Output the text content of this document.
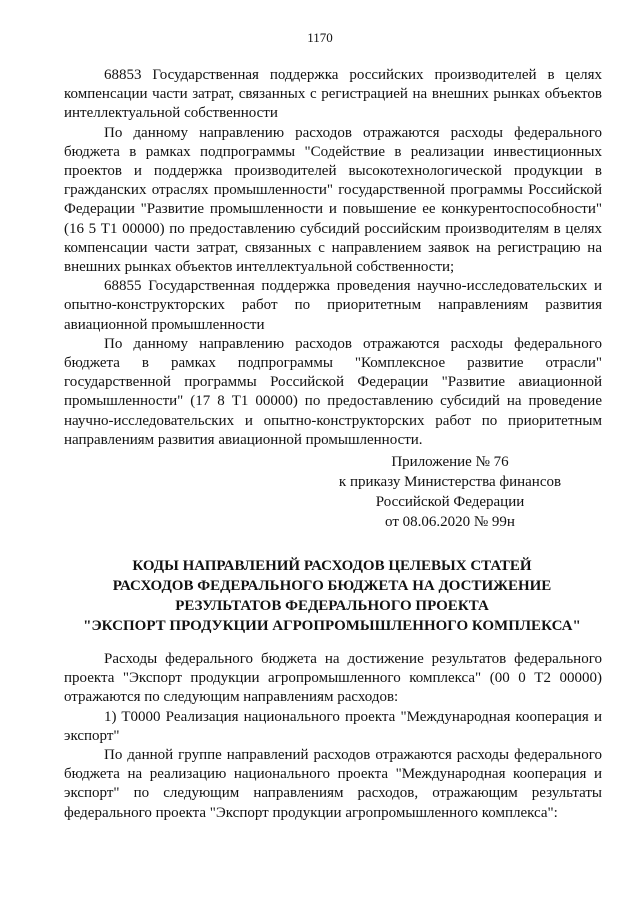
1170

68853 Государственная поддержка российских производителей в целях компенсации части затрат, связанных с регистрацией на внешних рынках объектов интеллектуальной собственности

По данному направлению расходов отражаются расходы федерального бюджета в рамках подпрограммы "Содействие в реализации инвестиционных проектов и поддержка производителей высокотехнологической продукции в гражданских отраслях промышленности" государственной программы Российской Федерации "Развитие промышленности и повышение ее конкурентоспособности" (16 5 T1 00000) по предоставлению субсидий российским производителям в целях компенсации части затрат, связанных с направлением заявок на регистрацию на внешних рынках объектов интеллектуальной собственности;

68855 Государственная поддержка проведения научно-исследовательских и опытно-конструкторских работ по приоритетным направлениям развития авиационной промышленности

По данному направлению расходов отражаются расходы федерального бюджета в рамках подпрограммы "Комплексное развитие отрасли" государственной программы Российской Федерации "Развитие авиационной промышленности" (17 8 T1 00000) по предоставлению субсидий на проведение научно-исследовательских и опытно-конструкторских работ по приоритетным направлениям развития авиационной промышленности.

Приложение № 76
к приказу Министерства финансов
Российской Федерации
от 08.06.2020 № 99н
КОДЫ НАПРАВЛЕНИЙ РАСХОДОВ ЦЕЛЕВЫХ СТАТЕЙ
РАСХОДОВ ФЕДЕРАЛЬНОГО БЮДЖЕТА НА ДОСТИЖЕНИЕ
РЕЗУЛЬТАТОВ ФЕДЕРАЛЬНОГО ПРОЕКТА
"ЭКСПОРТ ПРОДУКЦИИ АГРОПРОМЫШЛЕННОГО КОМПЛЕКСА"

Расходы федерального бюджета на достижение результатов федерального проекта "Экспорт продукции агропромышленного комплекса" (00 0 T2 00000) отражаются по следующим направлениям расходов:

1) T0000 Реализация национального проекта "Международная кооперация и экспорт"

По данной группе направлений расходов отражаются расходы федерального бюджета на реализацию национального проекта "Международная кооперация и экспорт" по следующим направлениям расходов, отражающим результаты федерального проекта "Экспорт продукции агропромышленного комплекса":
